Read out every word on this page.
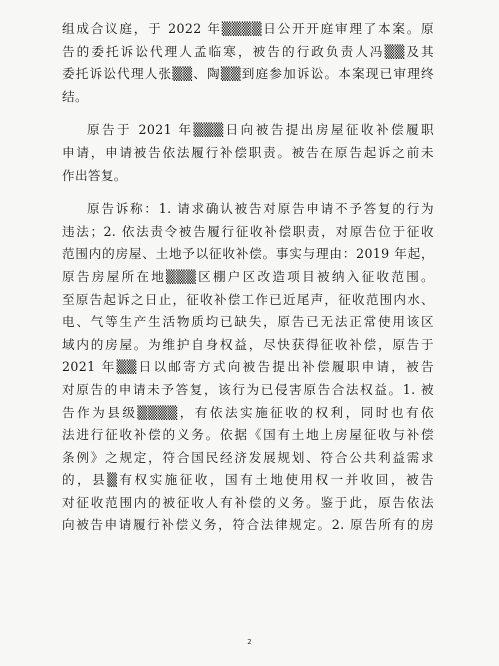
组成合议庭，于 2022 年▒▒▒▒日公开开庭审理了本案。原

告的委托诉讼代理人孟临寒，被告的行政负责人冯▒▒及其

委托诉讼代理人张▒▒、陶▒▒到庭参加诉讼。本案现已审理终

结。

原告于 2021 年▒▒▒日向被告提出房屋征收补偿履职

申请，申请被告依法履行补偿职责。被告在原告起诉之前未

作出答复。

原告诉称：1. 请求确认被告对原告申请不予答复的行为

违法；2. 依法责令被告履行征收补偿职责，对原告位于征收

范围内的房屋、土地予以征收补偿。事实与理由：2019 年起，

原告房屋所在地▒▒▒区棚户区改造项目被纳入征收范围。

至原告起诉之日止，征收补偿工作已近尾声，征收范围内水、

电、气等生产生活物质均已缺失，原告已无法正常使用该区

域内的房屋。为维护自身权益，尽快获得征收补偿，原告于

2021 年▒▒日以邮寄方式向被告提出补偿履职申请，被告

对原告的申请未予答复，该行为已侵害原告合法权益。1. 被

告作为县级▒▒▒▒，有依法实施征收的权利，同时也有依

法进行征收补偿的义务。依据《国有土地上房屋征收与补偿

条例》之规定，符合国民经济发展规划、符合公共利益需求

的，县▒有权实施征收，国有土地使用权一并收回，被告

对征收范围内的被征收人有补偿的义务。鉴于此，原告依法

向被告申请履行补偿义务，符合法律规定。2. 原告所有的房

2
